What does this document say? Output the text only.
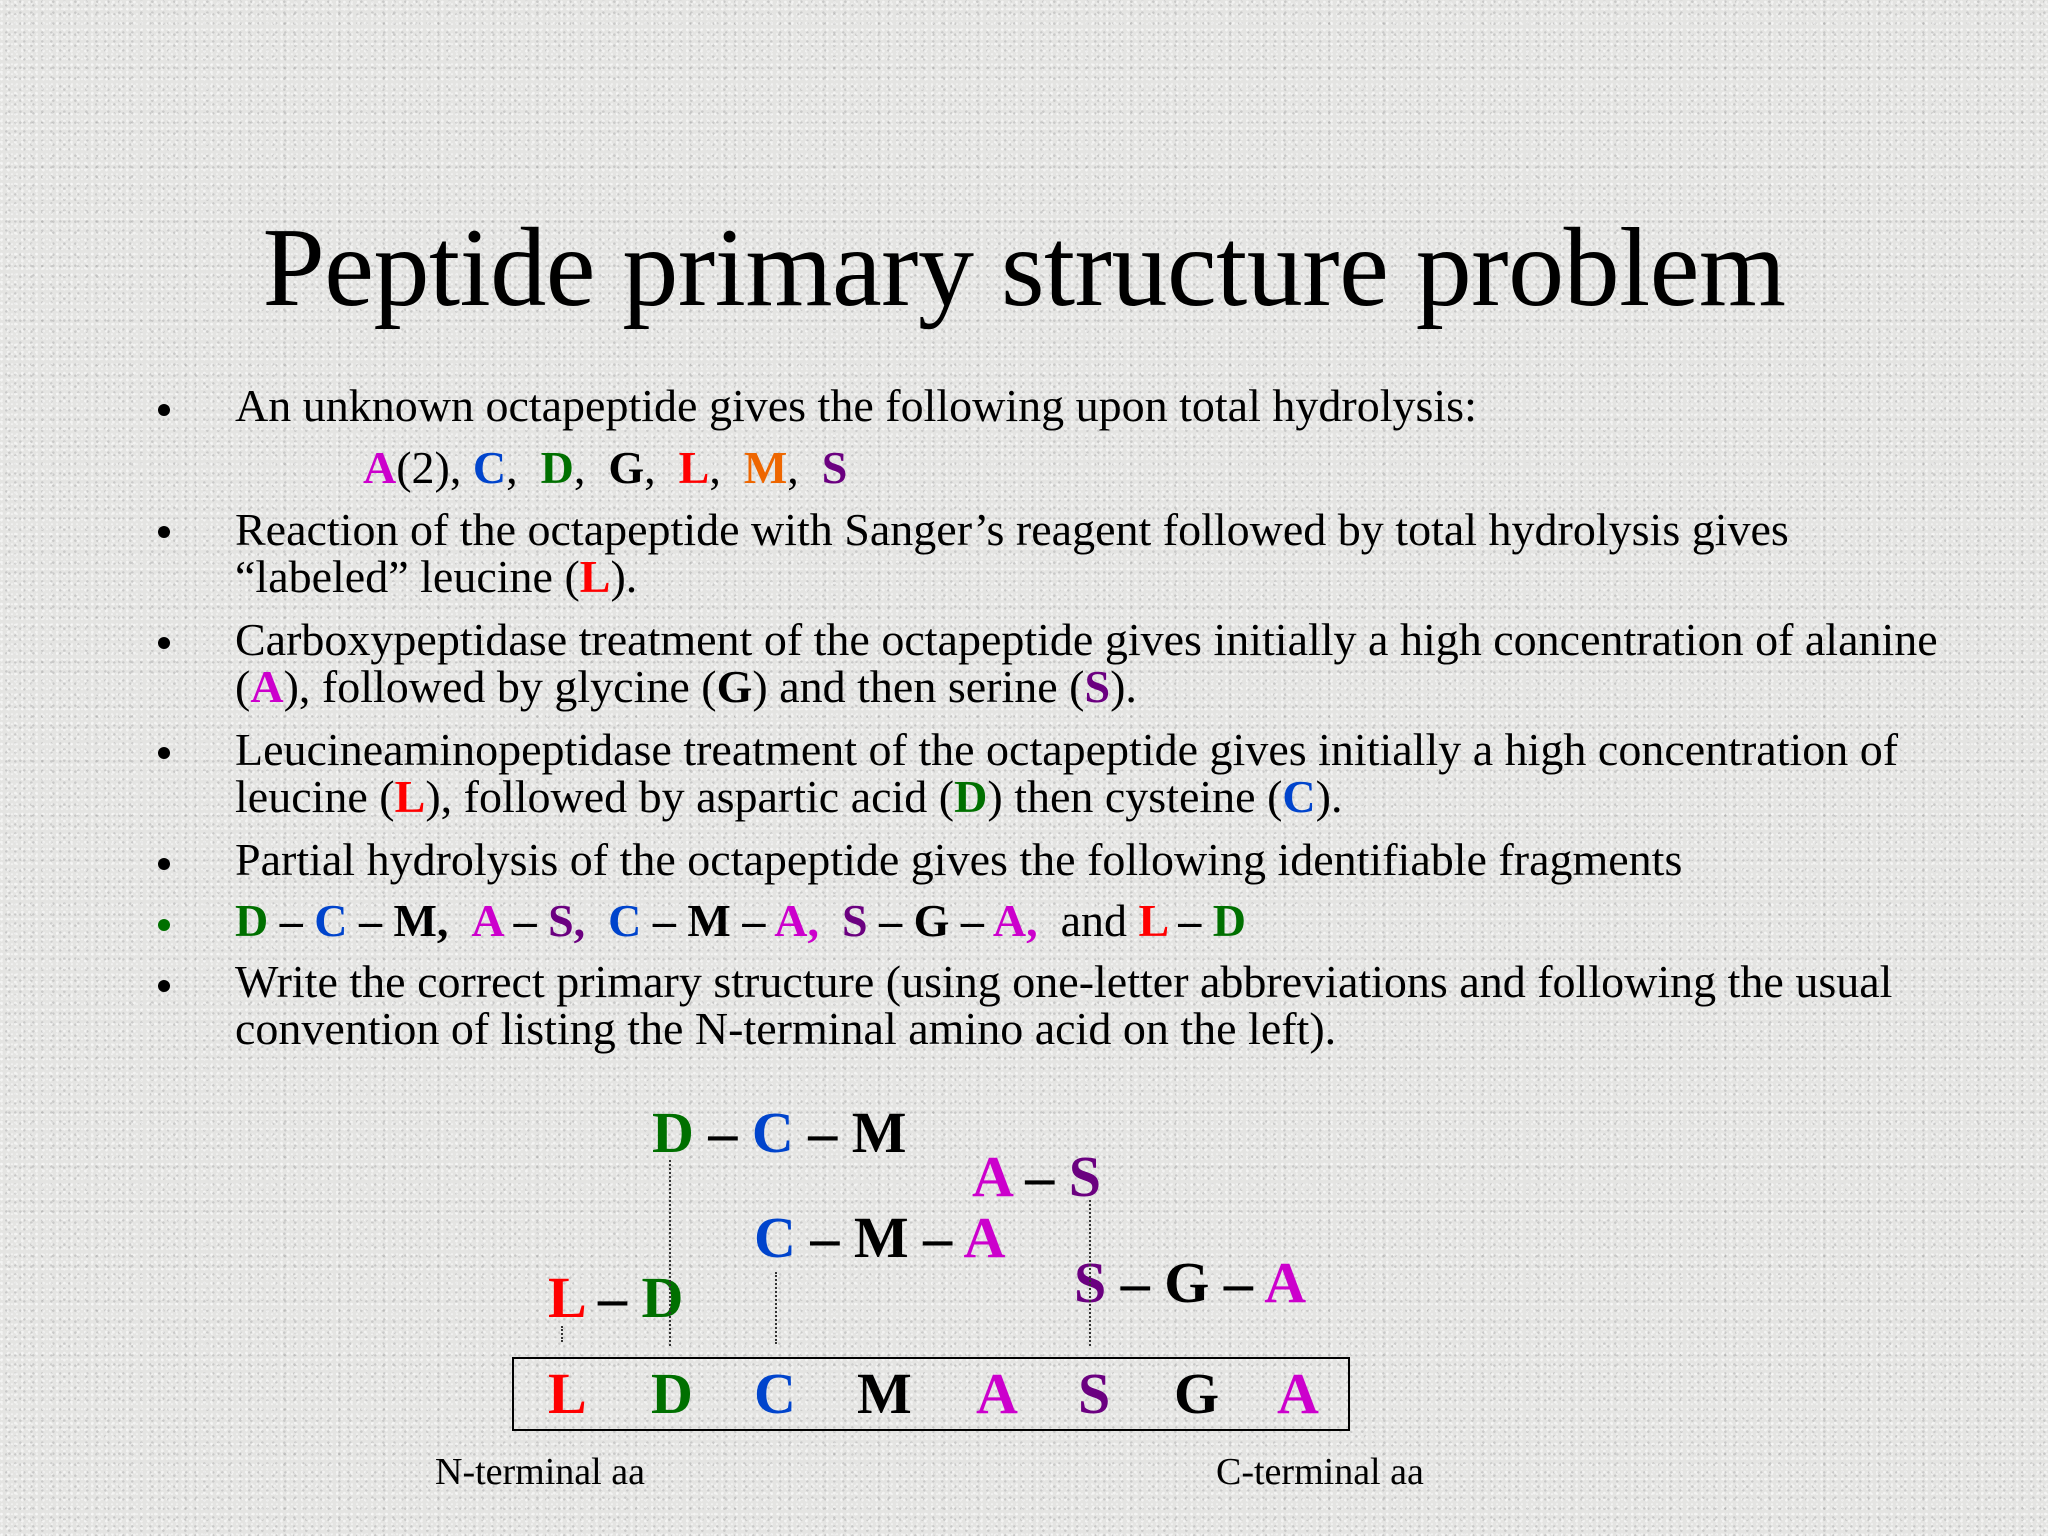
Peptide primary structure problem
An unknown octapeptide gives the following upon total hydrolysis:
A(2), C,  D,  G,  L,  M,  S
Reaction of the octapeptide with Sanger’s reagent followed by total hydrolysis gives “labeled” leucine (L).
Carboxypeptidase treatment of the octapeptide gives initially a high concentration of alanine (A), followed by glycine (G) and then serine (S).
Leucineaminopeptidase treatment of the octapeptide gives initially a high concentration of leucine (L), followed by aspartic acid (D) then cysteine (C).
Partial hydrolysis of the octapeptide gives the following identifiable fragments
D – C – M, A – S, C – M – A, S – G – A, and L – D
Write the correct primary structure (using one-letter abbreviations and following the usual convention of listing the N-terminal amino acid on the left).
D – C – M
A – S
C – M – A
L – D	S – G – A
L D C M A S G A
N-terminal aa	C-terminal aa
